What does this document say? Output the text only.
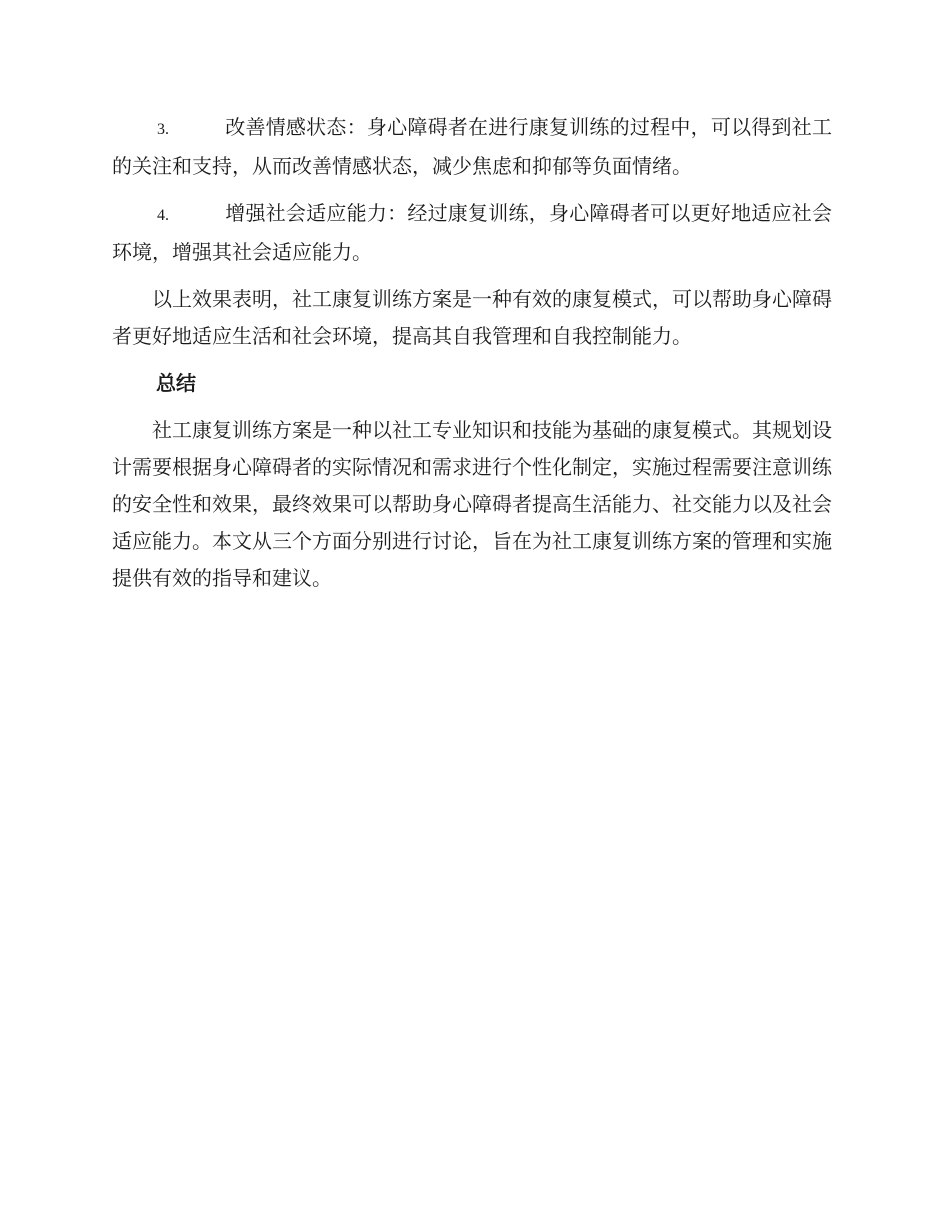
3.	改善情感状态：身心障碍者在进行康复训练的过程中，可以得到社工的关注和支持，从而改善情感状态，减少焦虑和抑郁等负面情绪。

4.	增强社会适应能力：经过康复训练，身心障碍者可以更好地适应社会环境，增强其社会适应能力。

以上效果表明，社工康复训练方案是一种有效的康复模式，可以帮助身心障碍者更好地适应生活和社会环境，提高其自我管理和自我控制能力。

总结

社工康复训练方案是一种以社工专业知识和技能为基础的康复模式。其规划设计需要根据身心障碍者的实际情况和需求进行个性化制定，实施过程需要注意训练的安全性和效果，最终效果可以帮助身心障碍者提高生活能力、社交能力以及社会适应能力。本文从三个方面分别进行讨论，旨在为社工康复训练方案的管理和实施提供有效的指导和建议。
